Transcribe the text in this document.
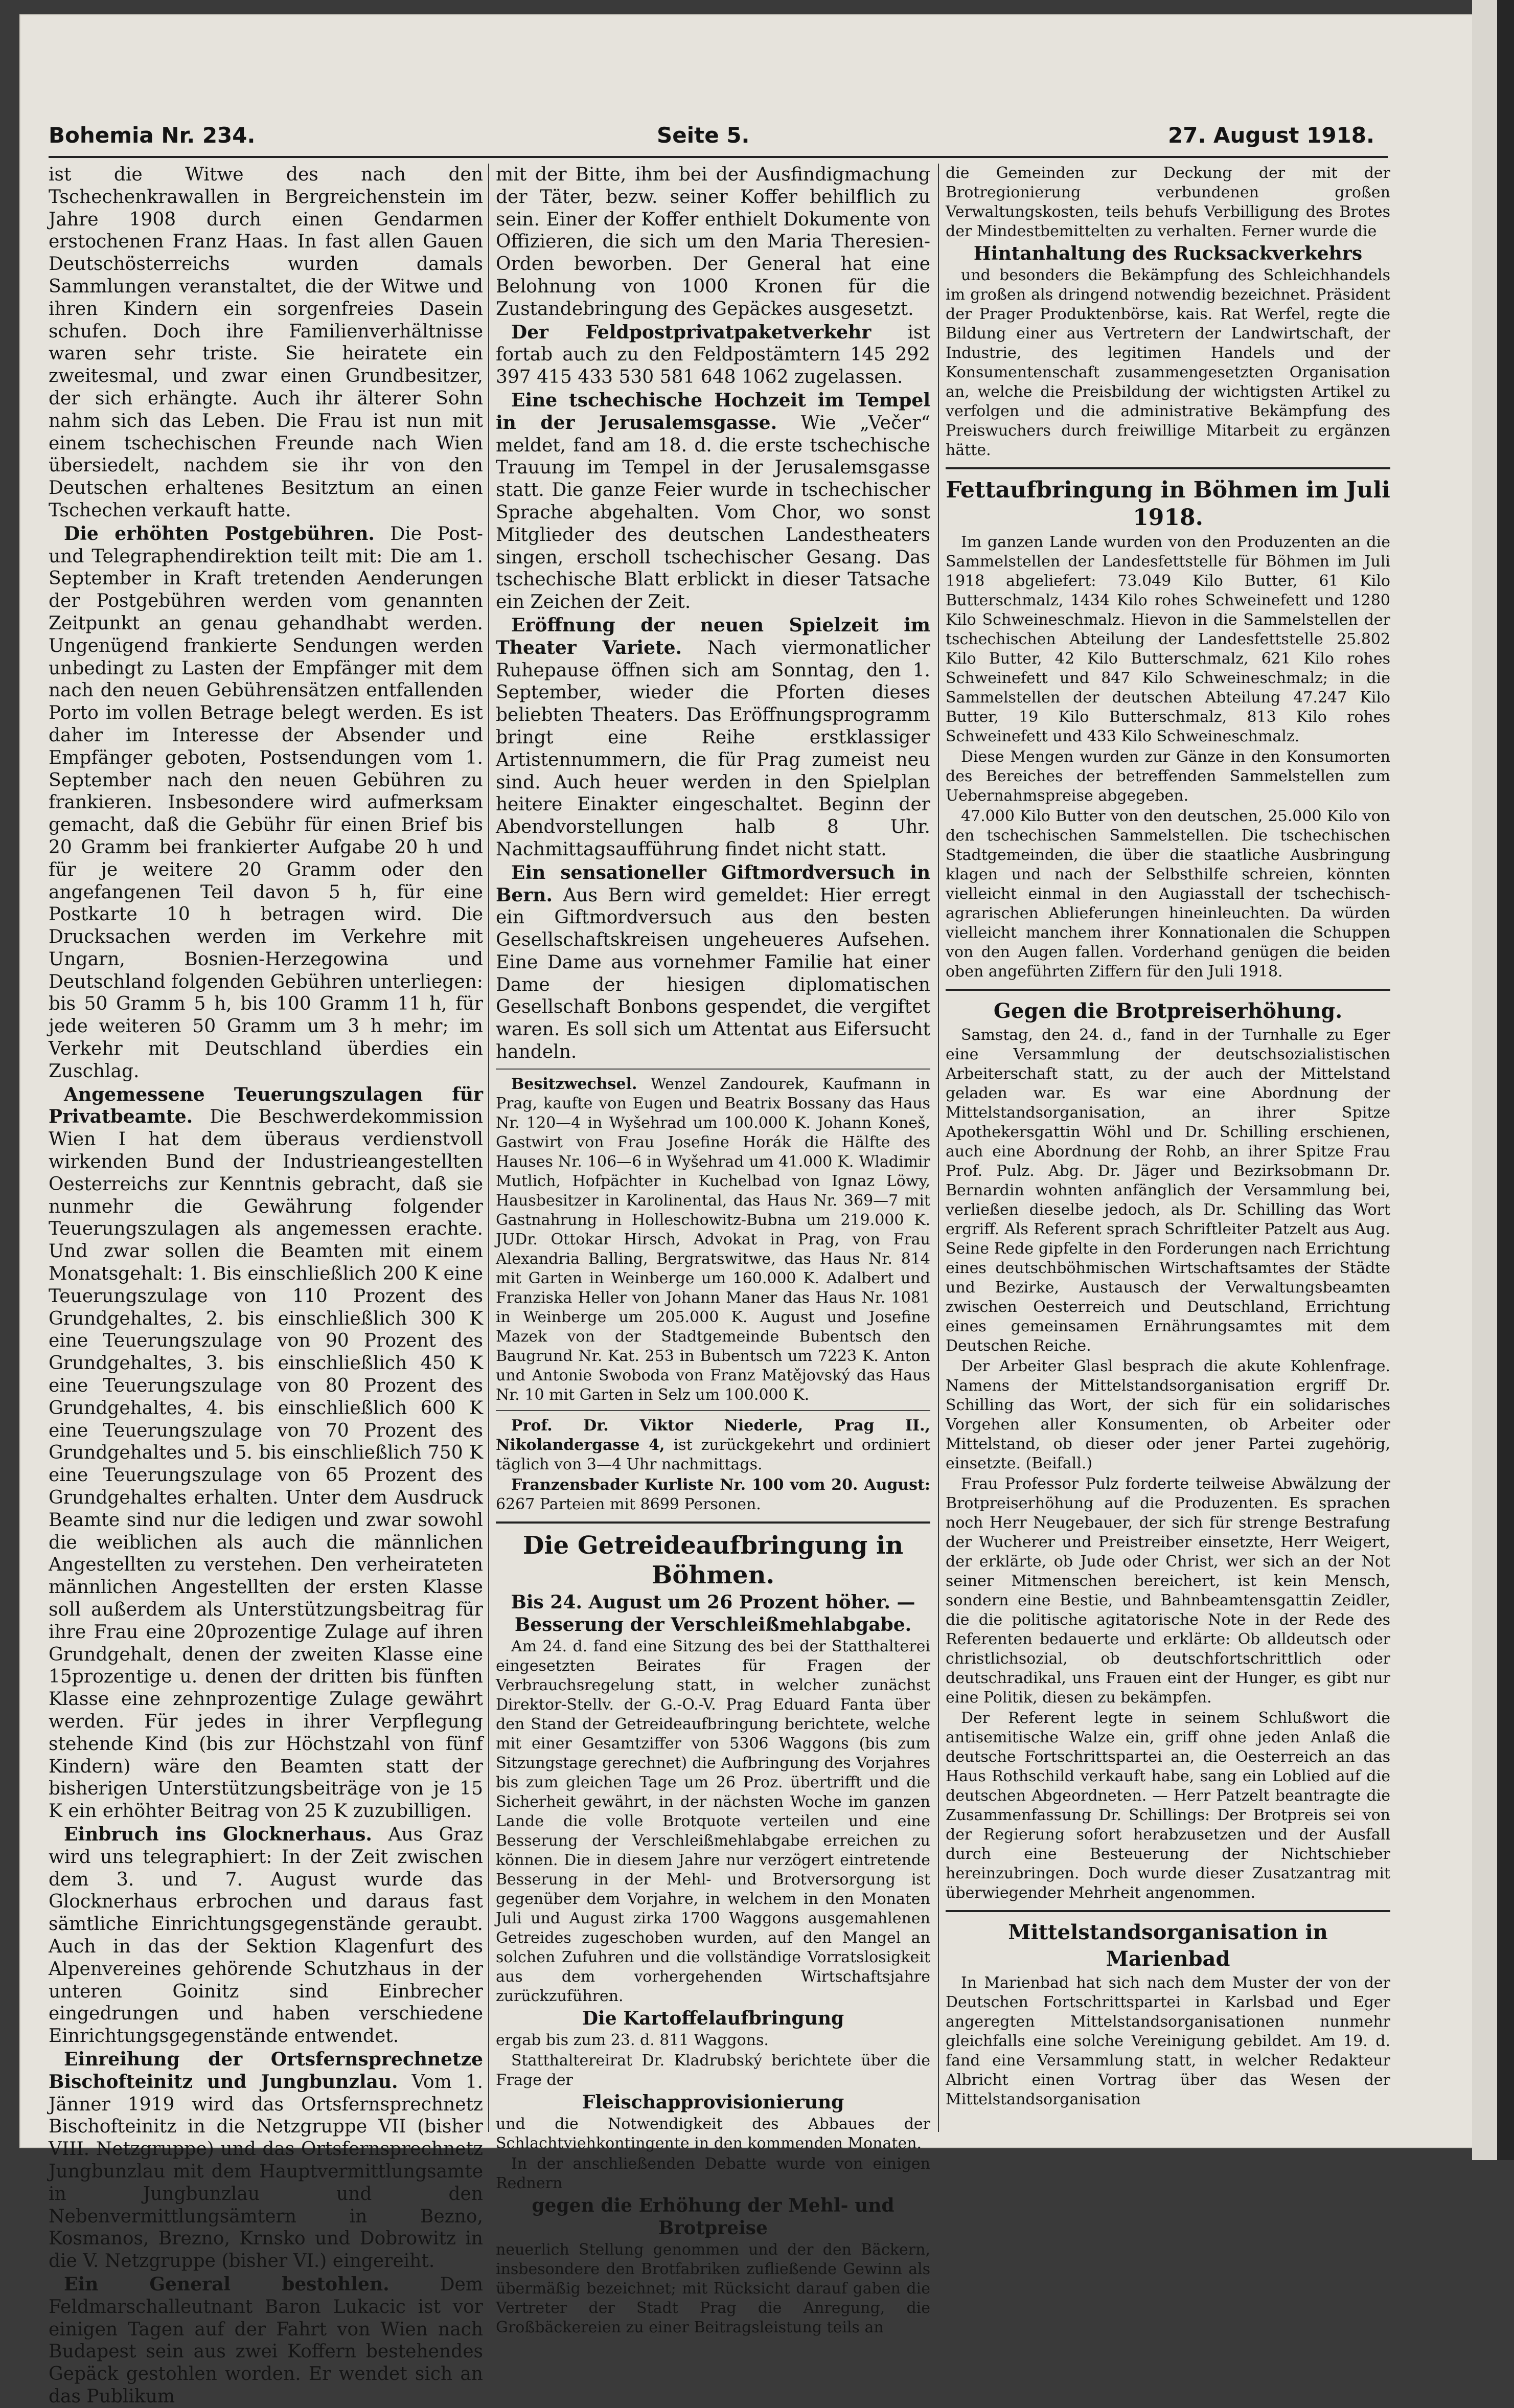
Bohemia Nr. 234.	Seite 5.	27. August 1918.

ist die Witwe des nach den Tschechenkrawallen in Bergreichenstein im Jahre 1908 durch einen Gendarmen erstochenen Franz Haas. In fast allen Gauen Deutschösterreichs wurden damals Sammlungen veranstaltet, die der Witwe und ihren Kindern ein sorgenfreies Dasein schufen. Doch ihre Familienverhältnisse waren sehr triste. Sie heiratete ein zweitesmal, und zwar einen Grundbesitzer, der sich erhängte. Auch ihr älterer Sohn nahm sich das Leben. Die Frau ist nun mit einem tschechischen Freunde nach Wien übersiedelt, nachdem sie ihr von den Deutschen erhaltenes Besitztum an einen Tschechen verkauft hatte.

Die erhöhten Postgebühren. Die Post- und Telegraphendirektion teilt mit: Die am 1. September in Kraft tretenden Aenderungen der Postgebühren werden vom genannten Zeitpunkt an genau gehandhabt werden. Ungenügend frankierte Sendungen werden unbedingt zu Lasten der Empfänger mit dem nach den neuen Gebührensätzen entfallenden Porto im vollen Betrage belegt werden. Es ist daher im Interesse der Absender und Empfänger geboten, Postsendungen vom 1. September nach den neuen Gebühren zu frankieren. Insbesondere wird aufmerksam gemacht, daß die Gebühr für einen Brief bis 20 Gramm bei frankierter Aufgabe 20 h und für je weitere 20 Gramm oder den angefangenen Teil davon 5 h, für eine Postkarte 10 h betragen wird. Die Drucksachen werden im Verkehre mit Ungarn, Bosnien-Herzegowina und Deutschland folgenden Gebühren unterliegen: bis 50 Gramm 5 h, bis 100 Gramm 11 h, für jede weiteren 50 Gramm um 3 h mehr; im Verkehr mit Deutschland überdies ein Zuschlag.

Angemessene Teuerungszulagen für Privatbeamte. Die Beschwerdekommission Wien I hat dem überaus verdienstvoll wirkenden Bund der Industrieangestellten Oesterreichs zur Kenntnis gebracht, daß sie nunmehr die Gewährung folgender Teuerungszulagen als angemessen erachte. Und zwar sollen die Beamten mit einem Monatsgehalt: 1. Bis einschließlich 200 K eine Teuerungszulage von 110 Prozent des Grundgehaltes, 2. bis einschließlich 300 K eine Teuerungszulage von 90 Prozent des Grundgehaltes, 3. bis einschließlich 450 K eine Teuerungszulage von 80 Prozent des Grundgehaltes, 4. bis einschließlich 600 K eine Teuerungszulage von 70 Prozent des Grundgehaltes und 5. bis einschließlich 750 K eine Teuerungszulage von 65 Prozent des Grundgehaltes erhalten. Unter dem Ausdruck Beamte sind nur die ledigen und zwar sowohl die weiblichen als auch die männlichen Angestellten zu verstehen. Den verheirateten männlichen Angestellten der ersten Klasse soll außerdem als Unterstützungsbeitrag für ihre Frau eine 20prozentige Zulage auf ihren Grundgehalt, denen der zweiten Klasse eine 15prozentige u. denen der dritten bis fünften Klasse eine zehnprozentige Zulage gewährt werden. Für jedes in ihrer Verpflegung stehende Kind (bis zur Höchstzahl von fünf Kindern) wäre den Beamten statt der bisherigen Unterstützungsbeiträge von je 15 K ein erhöhter Beitrag von 25 K zuzubilligen.

Einbruch ins Glocknerhaus. Aus Graz wird uns telegraphiert: In der Zeit zwischen dem 3. und 7. August wurde das Glocknerhaus erbrochen und daraus fast sämtliche Einrichtungsgegenstände geraubt. Auch in das der Sektion Klagenfurt des Alpenvereines gehörende Schutzhaus in der unteren Goinitz sind Einbrecher eingedrungen und haben verschiedene Einrichtungsgegenstände entwendet.

Einreihung der Ortsfernsprechnetze Bischofteinitz und Jungbunzlau. Vom 1. Jänner 1919 wird das Ortsfernsprechnetz Bischofteinitz in die Netzgruppe VII (bisher VIII. Netzgruppe) und das Ortsfernsprechnetz Jungbunzlau mit dem Hauptvermittlungsamte in Jungbunzlau und den Nebenvermittlungsämtern in Bezno, Kosmanos, Brezno, Krnsko und Dobrowitz in die V. Netzgruppe (bisher VI.) eingereiht.

Ein General bestohlen.	Dem Feldmarschalleutnant Baron Lukacic ist vor einigen Tagen auf der Fahrt von Wien nach Budapest sein aus zwei Koffern bestehendes Gepäck gestohlen worden. Er wendet sich an das Publikum

mit der Bitte, ihm bei der Ausfindigmachung der Täter, bezw. seiner Koffer behilflich zu sein. Einer der Koffer enthielt Dokumente von Offizieren, die sich um den Maria Theresien-Orden beworben. Der General hat eine Belohnung von 1000 Kronen für die Zustandebringung des Gepäckes ausgesetzt.

Der Feldpostprivatpaketverkehr ist fortab auch zu den Feldpostämtern 145 292 397 415 433 530 581 648 1062 zugelassen.

Eine tschechische Hochzeit im Tempel in der Jerusalemsgasse. Wie „Večer“ meldet, fand am 18. d. die erste tschechische Trauung im Tempel in der Jerusalemsgasse statt. Die ganze Feier wurde in tschechischer Sprache abgehalten. Vom Chor, wo sonst Mitglieder des deutschen Landestheaters singen, erscholl tschechischer Gesang. Das tschechische Blatt erblickt in dieser Tatsache ein Zeichen der Zeit.

Eröffnung der neuen Spielzeit im Theater Variete. Nach viermonatlicher Ruhepause öffnen sich am Sonntag, den 1. September, wieder die Pforten dieses beliebten Theaters. Das Eröffnungsprogramm bringt eine Reihe erstklassiger Artistennummern, die für Prag zumeist neu sind. Auch heuer werden in den Spielplan heitere Einakter eingeschaltet. Beginn der Abendvorstellungen halb 8 Uhr. Nachmittagsaufführung findet nicht statt.

Ein sensationeller Giftmordversuch in Bern. Aus Bern wird gemeldet: Hier erregt ein Giftmordversuch aus den besten Gesellschaftskreisen ungeheueres Aufsehen. Eine Dame aus vornehmer Familie hat einer Dame der hiesigen diplomatischen Gesellschaft Bonbons gespendet, die vergiftet waren. Es soll sich um Attentat aus Eifersucht handeln.

Besitzwechsel. Wenzel Zandourek, Kaufmann in Prag, kaufte von Eugen und Beatrix Bossany das Haus Nr. 120—4 in Wyšehrad um 100.000 K. Johann Koneš, Gastwirt von Frau Josefine Horák die Hälfte des Hauses Nr. 106—6 in Wyšehrad um 41.000 K. Wladimir Mutlich, Hofpächter in Kuchelbad von Ignaz Löwy, Hausbesitzer in Karolinental, das Haus Nr. 369—7 mit Gastnahrung in Holleschowitz-Bubna um 219.000 K. JUDr. Ottokar Hirsch, Advokat in Prag, von Frau Alexandria Balling, Bergratswitwe, das Haus Nr. 814 mit Garten in Weinberge um 160.000 K. Adalbert und Franziska Heller von Johann Maner das Haus Nr. 1081 in Weinberge um 205.000 K. August und Josefine Mazek von der Stadtgemeinde Bubentsch den Baugrund Nr. Kat. 253 in Bubentsch um 7223 K. Anton und Antonie Swoboda von Franz Matějovský das Haus Nr. 10 mit Garten in Selz um 100.000 K.

Prof. Dr. Viktor Niederle, Prag II., Nikolandergasse 4, ist zurückgekehrt und ordiniert täglich von 3—4 Uhr nachmittags.

Franzensbader Kurliste Nr. 100 vom 20. August: 6267 Parteien mit 8699 Personen.

Die Getreideaufbringung in Böhmen.

Bis 24. August um 26 Prozent höher. — Besserung der Verschleißmehlabgabe.

Am 24. d. fand eine Sitzung des bei der Statthalterei eingesetzten Beirates für Fragen der Verbrauchsregelung statt, in welcher zunächst Direktor-Stellv. der G.-O.-V. Prag Eduard Fanta über den Stand der Getreideaufbringung berichtete, welche mit einer Gesamtziffer von 5306 Waggons (bis zum Sitzungstage gerechnet) die Aufbringung des Vorjahres bis zum gleichen Tage um 26 Proz. übertrifft und die Sicherheit gewährt, in der nächsten Woche im ganzen Lande die volle Brotquote verteilen und eine Besserung der Verschleißmehlabgabe erreichen zu können. Die in diesem Jahre nur verzögert eintretende Besserung in der Mehl- und Brotversorgung ist gegenüber dem Vorjahre, in welchem in den Monaten Juli und August zirka 1700 Waggons ausgemahlenen Getreides zugeschoben wurden, auf den Mangel an solchen Zufuhren und die vollständige Vorratslosigkeit aus dem vorhergehenden Wirtschaftsjahre zurückzuführen.

Die Kartoffelaufbringung

ergab bis zum 23. d. 811 Waggons.

Statthaltereirat Dr. Kladrubský berichtete über die Frage der

Fleischapprovisionierung

und die Notwendigkeit des Abbaues der Schlachtviehkontingente in den kommenden Monaten.

In der anschließenden Debatte wurde von einigen Rednern

gegen die Erhöhung der Mehl- und Brotpreise

neuerlich Stellung genommen und der den Bäckern, insbesondere den Brotfabriken zufließende Gewinn als übermäßig bezeichnet; mit Rücksicht darauf gaben die Vertreter der Stadt Prag die Anregung, die Großbäckereien zu einer Beitragsleistung teils an

die Gemeinden zur Deckung der mit der Brotregionierung verbundenen großen Verwaltungskosten, teils behufs Verbilligung des Brotes der Mindestbemittelten zu verhalten. Ferner wurde die

Hintanhaltung des Rucksackverkehrs

und besonders die Bekämpfung des Schleichhandels im großen als dringend notwendig bezeichnet. Präsident der Prager Produktenbörse, kais. Rat Werfel, regte die Bildung einer aus Vertretern der Landwirtschaft, der Industrie, des legitimen Handels und der Konsumentenschaft zusammengesetzten Organisation an, welche die Preisbildung der wichtigsten Artikel zu verfolgen und die administrative Bekämpfung des Preiswuchers durch freiwillige Mitarbeit zu ergänzen hätte.

Fettaufbringung in Böhmen im Juli 1918.

Im ganzen Lande wurden von den Produzenten an die Sammelstellen der Landesfettstelle für Böhmen im Juli 1918 abgeliefert: 73.049 Kilo Butter, 61 Kilo Butterschmalz, 1434 Kilo rohes Schweinefett und 1280 Kilo Schweineschmalz. Hievon in die Sammelstellen der tschechischen Abteilung der Landesfettstelle 25.802 Kilo Butter, 42 Kilo Butterschmalz, 621 Kilo rohes Schweinefett und 847 Kilo Schweineschmalz; in die Sammelstellen der deutschen Abteilung 47.247 Kilo Butter, 19 Kilo Butterschmalz, 813 Kilo rohes Schweinefett und 433 Kilo Schweineschmalz.

Diese Mengen wurden zur Gänze in den Konsumorten des Bereiches der betreffenden Sammelstellen zum Uebernahmspreise abgegeben.

47.000 Kilo Butter von den deutschen, 25.000 Kilo von den tschechischen Sammelstellen. Die tschechischen Stadtgemeinden, die über die staatliche Ausbringung klagen und nach der Selbsthilfe schreien, könnten vielleicht einmal in den Augiasstall der tschechisch-agrarischen Ablieferungen hineinleuchten. Da würden vielleicht manchem ihrer Konnationalen die Schuppen von den Augen fallen. Vorderhand genügen die beiden oben angeführten Ziffern für den Juli 1918.

Gegen die Brotpreiserhöhung.

Samstag, den 24. d., fand in der Turnhalle zu Eger eine Versammlung der deutschsozialistischen Arbeiterschaft statt, zu der auch der Mittelstand geladen war. Es war eine Abordnung der Mittelstandsorganisation, an ihrer Spitze Apothekersgattin Wöhl und Dr. Schilling erschienen, auch eine Abordnung der Rohb, an ihrer Spitze Frau Prof. Pulz. Abg. Dr. Jäger und Bezirksobmann Dr. Bernardin wohnten anfänglich der Versammlung bei, verließen dieselbe jedoch, als Dr. Schilling das Wort ergriff. Als Referent sprach Schriftleiter Patzelt aus Aug. Seine Rede gipfelte in den Forderungen nach Errichtung eines deutschböhmischen Wirtschaftsamtes der Städte und Bezirke, Austausch der Verwaltungsbeamten zwischen Oesterreich und Deutschland, Errichtung eines gemeinsamen Ernährungsamtes mit dem Deutschen Reiche.

Der Arbeiter Glasl besprach die akute Kohlenfrage. Namens der Mittelstandsorganisation ergriff Dr. Schilling das Wort, der sich für ein solidarisches Vorgehen aller Konsumenten, ob Arbeiter oder Mittelstand, ob dieser oder jener Partei zugehörig, einsetzte. (Beifall.)

Frau Professor Pulz forderte teilweise Abwälzung der Brotpreiserhöhung auf die Produzenten. Es sprachen noch Herr Neugebauer, der sich für strenge Bestrafung der Wucherer und Preistreiber einsetzte, Herr Weigert, der erklärte, ob Jude oder Christ, wer sich an der Not seiner Mitmenschen bereichert, ist kein Mensch, sondern eine Bestie, und Bahnbeamtensgattin Zeidler, die die politische agitatorische Note in der Rede des Referenten bedauerte und erklärte: Ob alldeutsch oder christlichsozial, ob deutschfortschrittlich oder deutschradikal, uns Frauen eint der Hunger, es gibt nur eine Politik, diesen zu bekämpfen.

Der Referent legte in seinem Schlußwort die antisemitische Walze ein, griff ohne jeden Anlaß die deutsche Fortschrittspartei an, die Oesterreich an das Haus Rothschild verkauft habe, sang ein Loblied auf die deutschen Abgeordneten. — Herr Patzelt beantragte die Zusammenfassung Dr. Schillings: Der Brotpreis sei von der Regierung sofort herabzusetzen und der Ausfall durch eine Besteuerung der Nichtschieber hereinzubringen. Doch wurde dieser Zusatzantrag mit überwiegender Mehrheit angenommen.

Mittelstandsorganisation in Marienbad

In Marienbad hat sich nach dem Muster der von der Deutschen Fortschrittspartei in Karlsbad und Eger angeregten Mittelstandsorganisationen nunmehr gleichfalls eine solche Vereinigung gebildet. Am 19. d. fand eine Versammlung statt, in welcher Redakteur Albricht einen Vortrag über das Wesen der Mittelstandsorganisation
